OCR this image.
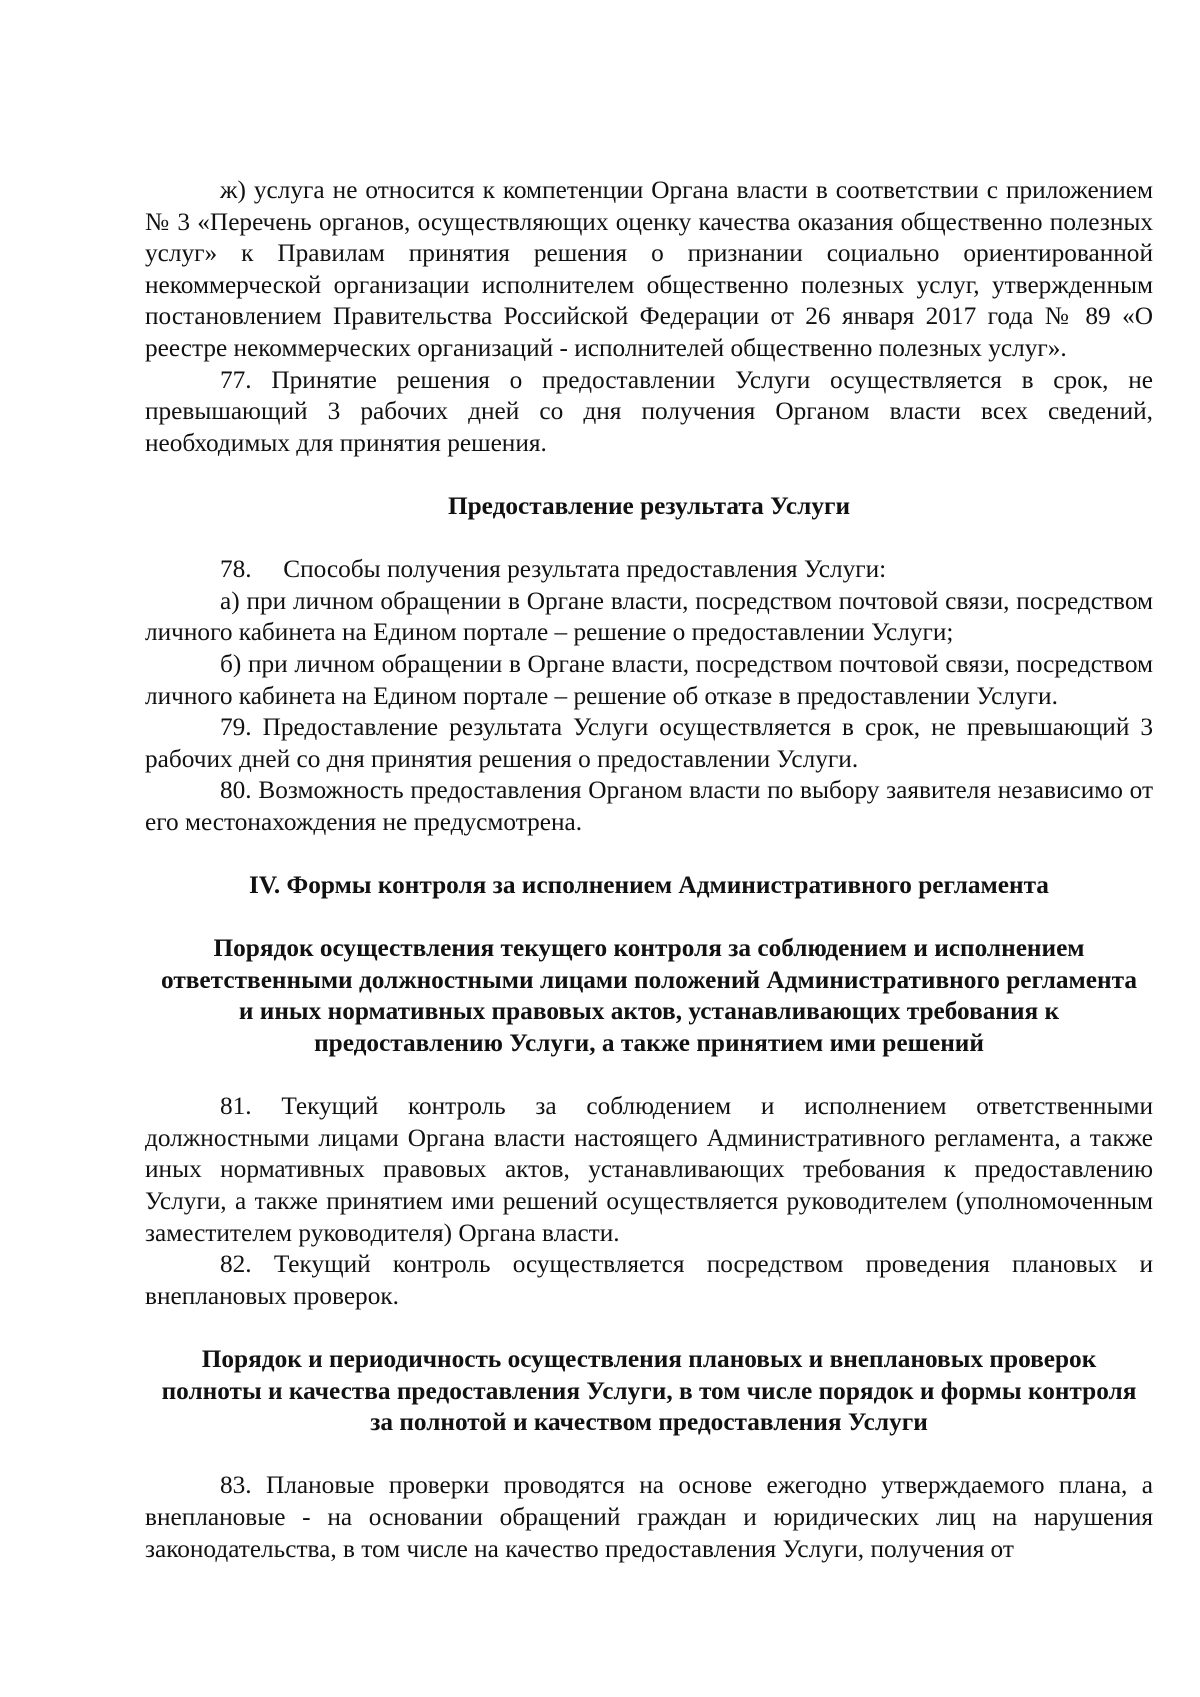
ж) услуга не относится к компетенции Органа власти в соответствии с приложением № 3 «Перечень органов, осуществляющих оценку качества оказания общественно полезных услуг» к Правилам принятия решения о признании социально ориентированной некоммерческой организации исполнителем общественно полезных услуг, утвержденным постановлением Правительства Российской Федерации от 26 января 2017 года № 89 «О реестре некоммерческих организаций - исполнителей общественно полезных услуг».

77. Принятие решения о предоставлении Услуги осуществляется в срок, не превышающий 3 рабочих дней со дня получения Органом власти всех сведений, необходимых для принятия решения.

Предоставление результата Услуги

78.     Способы получения результата предоставления Услуги:

а) при личном обращении в Органе власти, посредством почтовой связи, посредством личного кабинета на Едином портале – решение о предоставлении Услуги;

б) при личном обращении в Органе власти, посредством почтовой связи, посредством личного кабинета на Едином портале – решение об отказе в предоставлении Услуги.

79. Предоставление результата Услуги осуществляется в срок, не превышающий 3 рабочих дней со дня принятия решения о предоставлении Услуги.

80. Возможность предоставления Органом власти по выбору заявителя независимо от его местонахождения не предусмотрена.

IV. Формы контроля за исполнением Административного регламента

Порядок осуществления текущего контроля за соблюдением и исполнением ответственными должностными лицами положений Административного регламента и иных нормативных правовых актов, устанавливающих требования к предоставлению Услуги, а также принятием ими решений

81. Текущий контроль за соблюдением и исполнением ответственными должностными лицами Органа власти настоящего Административного регламента, а также иных нормативных правовых актов, устанавливающих требования к предоставлению Услуги, а также принятием ими решений осуществляется руководителем (уполномоченным заместителем руководителя) Органа власти.

82. Текущий контроль осуществляется посредством проведения плановых и внеплановых проверок.

Порядок и периодичность осуществления плановых и внеплановых проверок полноты и качества предоставления Услуги, в том числе порядок и формы контроля за полнотой и качеством предоставления Услуги

83. Плановые проверки проводятся на основе ежегодно утверждаемого плана, а внеплановые - на основании обращений граждан и юридических лиц на нарушения законодательства, в том числе на качество предоставления Услуги, получения от
